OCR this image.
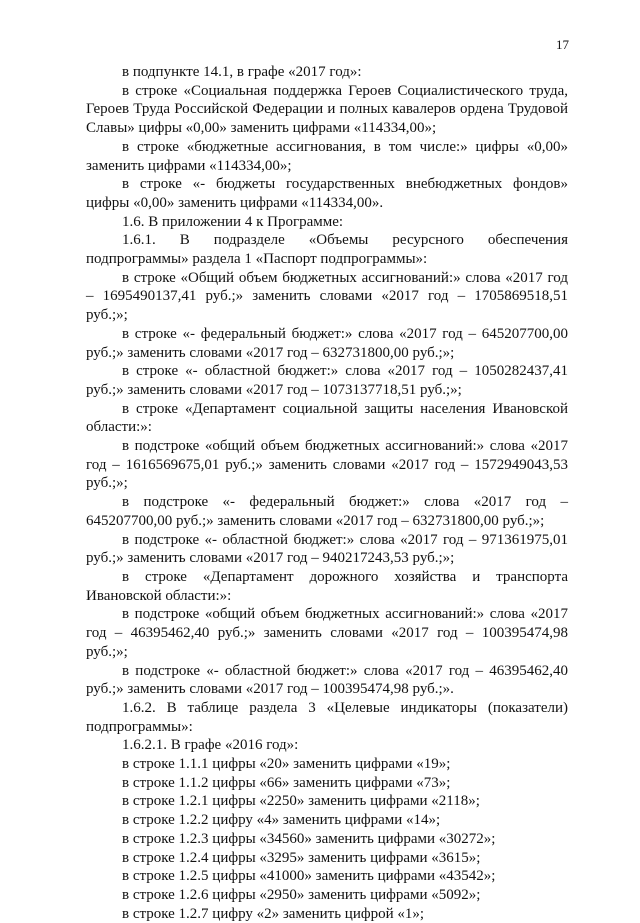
17

в подпункте 14.1, в графе «2017 год»:

в строке «Социальная поддержка Героев Социалистического труда, Героев Труда Российской Федерации и полных кавалеров ордена Трудовой Славы» цифры «0,00» заменить цифрами «114334,00»;

в строке «бюджетные ассигнования, в том числе:» цифры «0,00» заменить цифрами «114334,00»;

в строке «- бюджеты государственных внебюджетных фондов» цифры «0,00» заменить цифрами «114334,00».

1.6. В приложении 4 к Программе:

1.6.1. В подразделе «Объемы ресурсного обеспечения подпрограммы» раздела 1 «Паспорт подпрограммы»:

в строке «Общий объем бюджетных ассигнований:» слова «2017 год – 1695490137,41 руб.;» заменить словами «2017 год – 1705869518,51 руб.;»;

в строке «- федеральный бюджет:» слова «2017 год – 645207700,00 руб.;» заменить словами «2017 год – 632731800,00 руб.;»;

в строке «- областной бюджет:» слова «2017 год – 1050282437,41 руб.;» заменить словами «2017 год – 1073137718,51 руб.;»;

в строке «Департамент социальной защиты населения Ивановской области:»:

в подстроке «общий объем бюджетных ассигнований:» слова «2017 год – 1616569675,01 руб.;» заменить словами «2017 год – 1572949043,53 руб.;»;

в подстроке «- федеральный бюджет:» слова «2017 год – 645207700,00 руб.;» заменить словами «2017 год – 632731800,00 руб.;»;

в подстроке «- областной бюджет:» слова «2017 год – 971361975,01 руб.;» заменить словами «2017 год – 940217243,53 руб.;»;

в строке «Департамент дорожного хозяйства и транспорта Ивановской области:»:

в подстроке «общий объем бюджетных ассигнований:» слова «2017 год – 46395462,40 руб.;» заменить словами «2017 год – 100395474,98 руб.;»;

в подстроке «- областной бюджет:» слова «2017 год – 46395462,40 руб.;» заменить словами «2017 год – 100395474,98 руб.;».

1.6.2. В таблице раздела 3 «Целевые индикаторы (показатели) подпрограммы»:

1.6.2.1. В графе «2016 год»:

в строке 1.1.1 цифры «20» заменить цифрами «19»;

в строке 1.1.2 цифры «66» заменить цифрами «73»;

в строке 1.2.1 цифры «2250» заменить цифрами «2118»;

в строке 1.2.2 цифру «4» заменить цифрами «14»;

в строке 1.2.3 цифры «34560» заменить цифрами «30272»;

в строке 1.2.4 цифры «3295» заменить цифрами «3615»;

в строке 1.2.5 цифры «41000» заменить цифрами «43542»;

в строке 1.2.6 цифры «2950» заменить цифрами «5092»;

в строке 1.2.7 цифру «2» заменить цифрой «1»;
